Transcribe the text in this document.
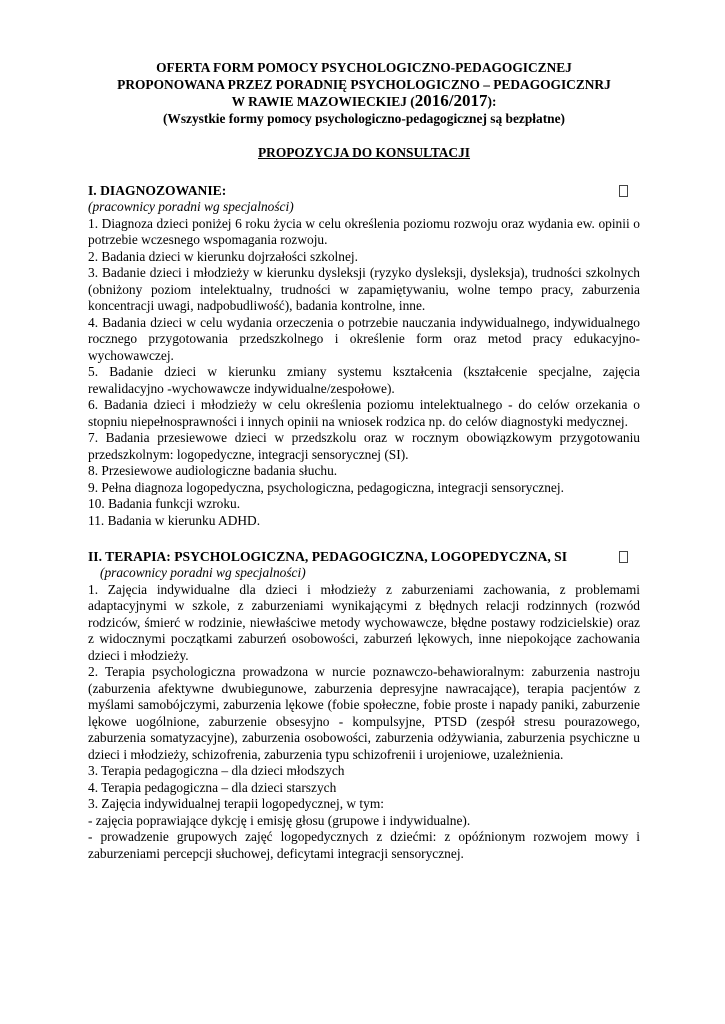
OFERTA FORM POMOCY PSYCHOLOGICZNO-PEDAGOGICZNEJ
PROPONOWANA PRZEZ PORADNIĘ PSYCHOLOGICZNO – PEDAGOGICZNRJ
W RAWIE MAZOWIECKIEJ (2016/2017):
(Wszystkie formy pomocy psychologiczno-pedagogicznej są bezpłatne)
PROPOZYCJA DO KONSULTACJI
I. DIAGNOZOWANIE:
(pracownicy poradni wg specjalności)
1. Diagnoza dzieci poniżej 6 roku życia w celu określenia poziomu rozwoju oraz wydania ew. opinii o potrzebie wczesnego wspomagania rozwoju.
2. Badania dzieci w kierunku dojrzałości szkolnej.
3. Badanie dzieci i młodzieży w kierunku dysleksji (ryzyko dysleksji, dysleksja), trudności szkolnych (obniżony poziom intelektualny, trudności w zapamiętywaniu, wolne tempo pracy, zaburzenia koncentracji uwagi, nadpobudliwość), badania kontrolne, inne.
4. Badania dzieci w celu wydania orzeczenia o potrzebie nauczania indywidualnego, indywidualnego rocznego przygotowania przedszkolnego i określenie form oraz metod pracy edukacyjno-wychowawczej.
5. Badanie dzieci w kierunku zmiany systemu kształcenia (kształcenie specjalne, zajęcia rewalidacyjno -wychowawcze indywidualne/zespołowe).
6. Badania dzieci i młodzieży w celu określenia poziomu intelektualnego - do celów orzekania o stopniu niepełnosprawności i innych opinii na wniosek rodzica np. do celów diagnostyki medycznej.
7. Badania przesiewowe dzieci w przedszkolu oraz w rocznym obowiązkowym przygotowaniu przedszkolnym: logopedyczne, integracji sensorycznej (SI).
8. Przesiewowe audiologiczne badania słuchu.
9. Pełna diagnoza logopedyczna, psychologiczna, pedagogiczna, integracji sensorycznej.
10. Badania funkcji wzroku.
11. Badania w kierunku ADHD.
II. TERAPIA: PSYCHOLOGICZNA, PEDAGOGICZNA, LOGOPEDYCZNA, SI
(pracownicy poradni wg specjalności)
1. Zajęcia indywidualne dla dzieci i młodzieży z zaburzeniami zachowania, z problemami adaptacyjnymi w szkole, z zaburzeniami wynikającymi z błędnych relacji rodzinnych (rozwód rodziców, śmierć w rodzinie, niewłaściwe metody wychowawcze, błędne postawy rodzicielskie) oraz z widocznymi początkami zaburzeń osobowości, zaburzeń lękowych, inne niepokojące zachowania dzieci i młodzieży.
2. Terapia psychologiczna prowadzona w nurcie poznawczo-behawioralnym: zaburzenia nastroju (zaburzenia afektywne dwubiegunowe, zaburzenia depresyjne nawracające), terapia pacjentów z myślami samobójczymi, zaburzenia lękowe (fobie społeczne, fobie proste i napady paniki, zaburzenie lękowe uogólnione, zaburzenie obsesyjno - kompulsyjne, PTSD (zespół stresu pourazowego, zaburzenia somatyzacyjne), zaburzenia osobowości, zaburzenia odżywiania, zaburzenia psychiczne u dzieci i młodzieży, schizofrenia, zaburzenia typu schizofrenii i urojeniowe, uzależnienia.
3. Terapia pedagogiczna – dla dzieci młodszych
4. Terapia pedagogiczna – dla dzieci starszych
3. Zajęcia indywidualnej terapii logopedycznej, w tym:
- zajęcia poprawiające dykcję i emisję głosu (grupowe i indywidualne).
- prowadzenie grupowych zajęć logopedycznych z dziećmi: z opóźnionym rozwojem mowy i zaburzeniami percepcji słuchowej, deficytami integracji sensorycznej.
